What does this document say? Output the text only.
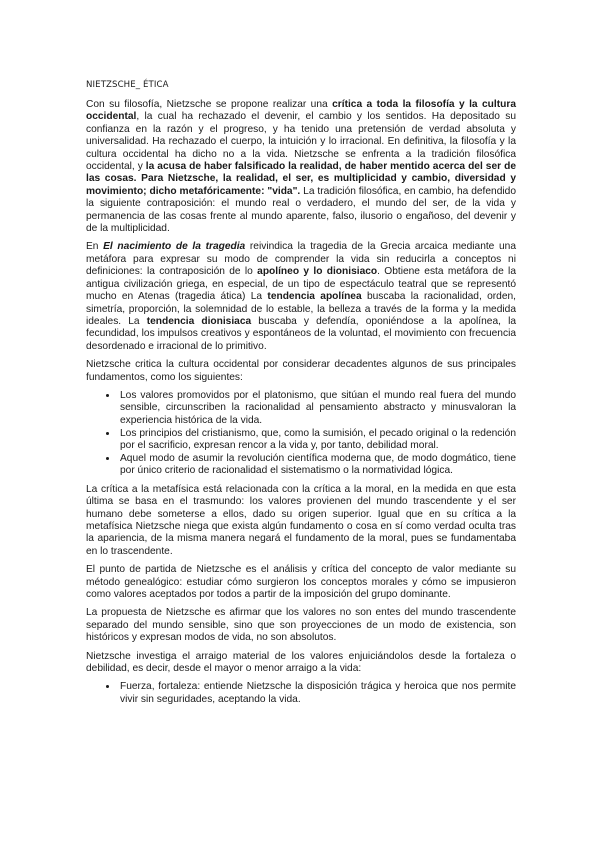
NIETZSCHE_ ÉTICA

Con su filosofía, Nietzsche se propone realizar una crítica a toda la filosofía y la cultura occidental, la cual ha rechazado el devenir, el cambio y los sentidos. Ha depositado su confianza en la razón y el progreso, y ha tenido una pretensión de verdad absoluta y universalidad. Ha rechazado el cuerpo, la intuición y lo irracional. En definitiva, la filosofía y la cultura occidental ha dicho no a la vida. Nietzsche se enfrenta a la tradición filosófica occidental, y la acusa de haber falsificado la realidad, de haber mentido acerca del ser de las cosas. Para Nietzsche, la realidad, el ser, es multiplicidad y cambio, diversidad y movimiento; dicho metafóricamente: "vida". La tradición filosófica, en cambio, ha defendido la siguiente contraposición: el mundo real o verdadero, el mundo del ser, de la vida y permanencia de las cosas frente al mundo aparente, falso, ilusorio o engañoso, del devenir y de la multiplicidad.

En El nacimiento de la tragedia reivindica la tragedia de la Grecia arcaica mediante una metáfora para expresar su modo de comprender la vida sin reducirla a conceptos ni definiciones: la contraposición de lo apolíneo y lo dionisiaco. Obtiene esta metáfora de la antigua civilización griega, en especial, de un tipo de espectáculo teatral que se representó mucho en Atenas (tragedia ática) La tendencia apolínea buscaba la racionalidad, orden, simetría, proporción, la solemnidad de lo estable, la belleza a través de la forma y la medida ideales. La tendencia dionisiaca buscaba y defendía, oponiéndose a la apolínea, la fecundidad, los impulsos creativos y espontáneos de la voluntad, el movimiento con frecuencia desordenado e irracional de lo primitivo.

Nietzsche critica la cultura occidental por considerar decadentes algunos de sus principales fundamentos, como los siguientes:

• Los valores promovidos por el platonismo, que sitúan el mundo real fuera del mundo sensible, circunscriben la racionalidad al pensamiento abstracto y minusvaloran la experiencia histórica de la vida.
• Los principios del cristianismo, que, como la sumisión, el pecado original o la redención por el sacrificio, expresan rencor a la vida y, por tanto, debilidad moral.
• Aquel modo de asumir la revolución científica moderna que, de modo dogmático, tiene por único criterio de racionalidad el sistematismo o la normatividad lógica.

La crítica a la metafísica está relacionada con la crítica a la moral, en la medida en que esta última se basa en el trasmundo: los valores provienen del mundo trascendente y el ser humano debe someterse a ellos, dado su origen superior. Igual que en su crítica a la metafísica Nietzsche niega que exista algún fundamento o cosa en sí como verdad oculta tras la apariencia, de la misma manera negará el fundamento de la moral, pues se fundamentaba en lo trascendente.

El punto de partida de Nietzsche es el análisis y crítica del concepto de valor mediante su método genealógico: estudiar cómo surgieron los conceptos morales y cómo se impusieron como valores aceptados por todos a partir de la imposición del grupo dominante.

La propuesta de Nietzsche es afirmar que los valores no son entes del mundo trascendente separado del mundo sensible, sino que son proyecciones de un modo de existencia, son históricos y expresan modos de vida, no son absolutos.

Nietzsche investiga el arraigo material de los valores enjuiciándolos desde la fortaleza o debilidad, es decir, desde el mayor o menor arraigo a la vida:

• Fuerza, fortaleza: entiende Nietzsche la disposición trágica y heroica que nos permite vivir sin seguridades, aceptando la vida.
